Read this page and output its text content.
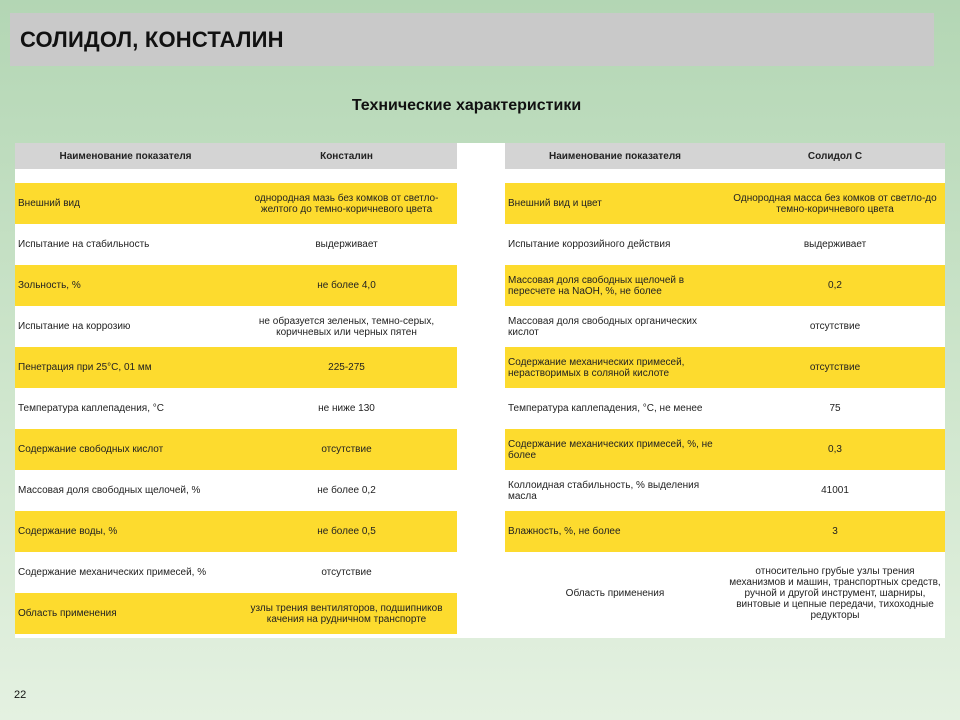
СОЛИДОЛ, КОНСТАЛИН
Технические характеристики
Наименование показателя	Конcталин

Внешний вид	однородная мазь без комков от светло-желтого до темно-коричневого цвета
Испытание на стабильность	выдерживает
Зольность, %	не более 4,0
Испытание на коррозию	не образуется зеленых, темно-серых, коричневых или черных пятен
Пенетрация при 25°С, 01 мм	225-275
Температура каплепадения, °С	не ниже 130
Содержание свободных кислот	отсутствие
Массовая доля свободных щелочей, %	не более 0,2
Содержание воды, %	не более 0,5
Содержание механических примесей, %	отсутствие
Область применения	узлы трения вентиляторов, подшипников качения на рудничном транспорте
Наименование показателя	Солидол С

Внешний вид и цвет	Однородная масса без комков от светло-до темно-коричневого цвета
Испытание коррозийного действия	выдерживает
Массовая доля свободных щелочей в пересчете на NaOH, %, не более	0,2
Массовая доля свободных органических кислот	отсутствие
Содержание механических примесей, нерастворимых в соляной кислоте	отсутствие
Температура каплепадения, °С, не менее	75
Содержание механических примесей, %, не более	0,3
Коллоидная стабильность, % выделения масла	41001
Влажность, %, не более	3
Область применения	относительно грубые узлы трения механизмов и машин, транспортных средств, ручной и другой инструмент, шарниры, винтовые и цепные передачи, тихоходные редукторы

22
